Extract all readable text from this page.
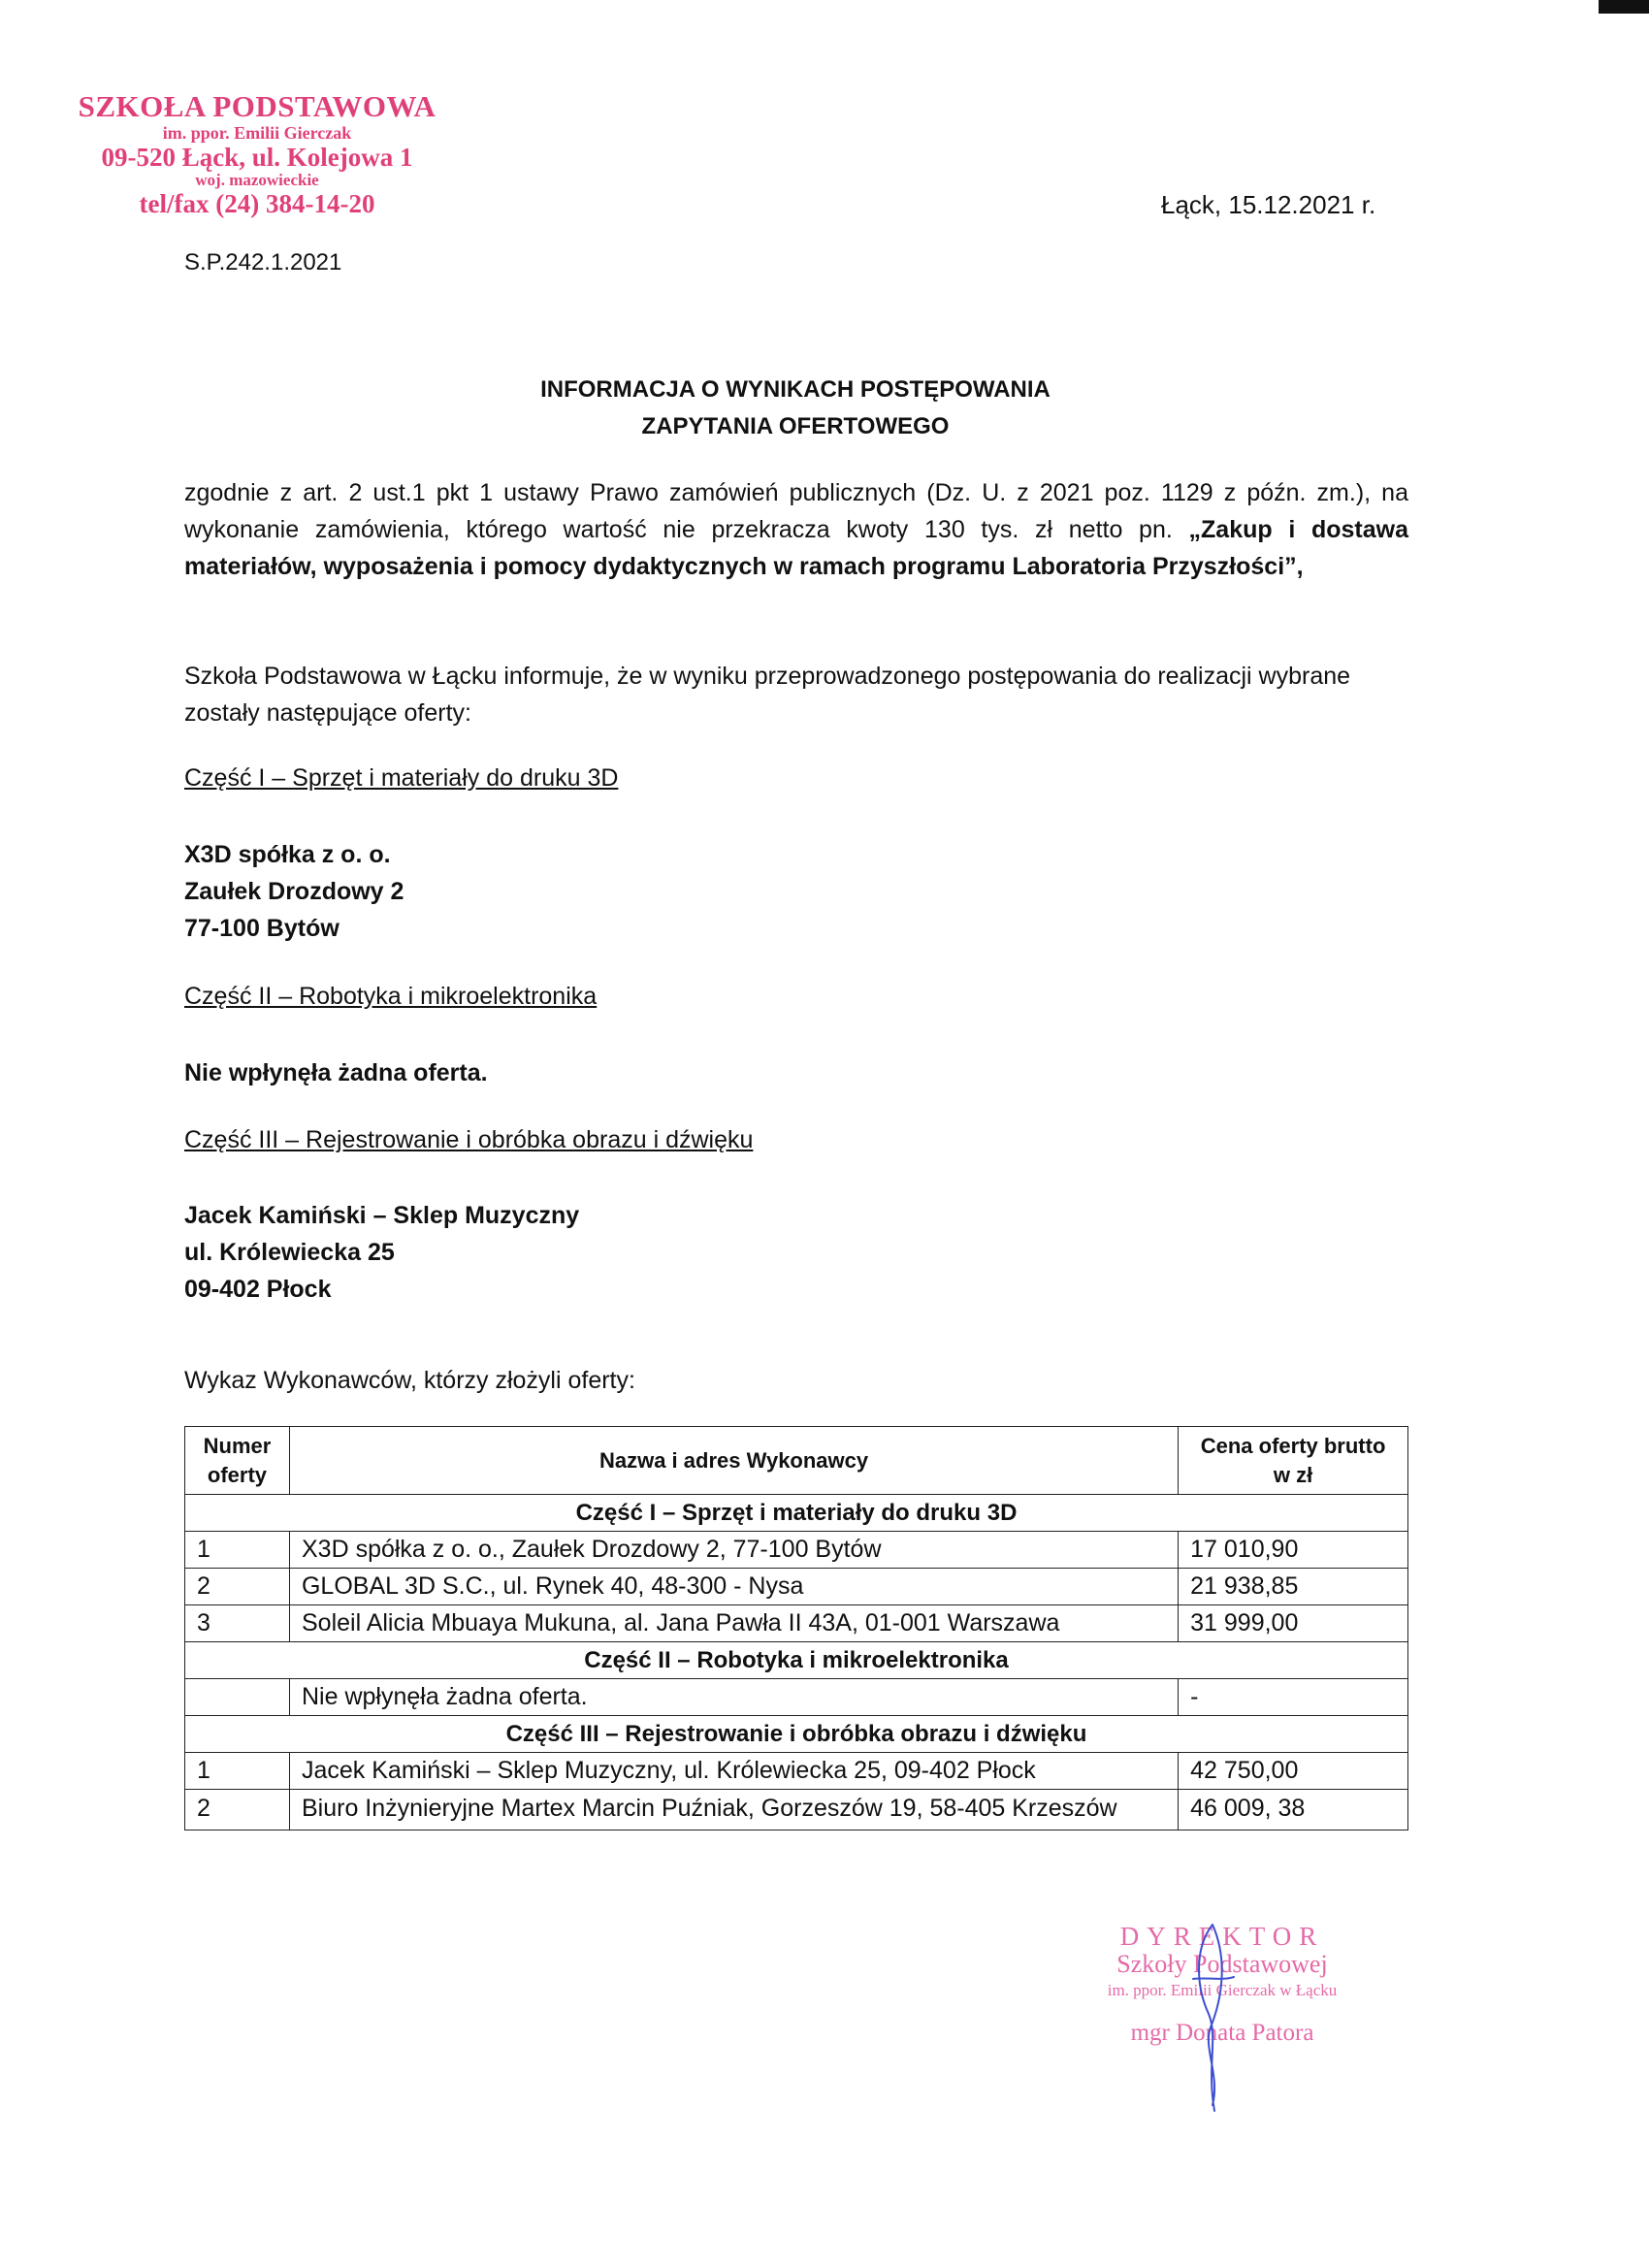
SZKOŁA PODSTAWOWA
im. ppor. Emilii Gierczak
09-520 Łąck, ul. Kolejowa 1
woj. mazowieckie
tel/fax (24) 384-14-20
S.P.242.1.2021
Łąck, 15.12.2021 r.
INFORMACJA O WYNIKACH POSTĘPOWANIA
ZAPYTANIA OFERTOWEGO
zgodnie z art. 2 ust.1 pkt 1 ustawy Prawo zamówień publicznych (Dz. U. z 2021 poz. 1129 z późn. zm.), na wykonanie zamówienia, którego wartość nie przekracza kwoty 130 tys. zł netto pn. „Zakup i dostawa materiałów, wyposażenia i pomocy dydaktycznych w ramach programu Laboratoria Przyszłości”,
Szkoła Podstawowa w Łącku informuje, że w wyniku przeprowadzonego postępowania do realizacji wybrane zostały następujące oferty:
Część I – Sprzęt i materiały do druku 3D
X3D spółka z o. o.
Zaułek Drozdowy 2
77-100 Bytów
Część II – Robotyka i mikroelektronika
Nie wpłynęła żadna oferta.
Część III – Rejestrowanie i obróbka obrazu i dźwięku
Jacek Kamiński – Sklep Muzyczny
ul. Królewiecka 25
09-402 Płock
Wykaz Wykonawców, którzy złożyli oferty:
Numer oferty	Nazwa i adres Wykonawcy	Cena oferty brutto w zł
Część I – Sprzęt i materiały do druku 3D		
1	X3D spółka z o. o., Zaułek Drozdowy 2, 77-100 Bytów	17 010,90
2	GLOBAL 3D S.C., ul. Rynek 40, 48-300 - Nysa	21 938,85
3	Soleil Alicia Mbuaya Mukuna, al. Jana Pawła II 43A, 01-001 Warszawa	31 999,00
Część II – Robotyka i mikroelektronika		
	Nie wpłynęła żadna oferta.	-
Część III – Rejestrowanie i obróbka obrazu i dźwięku		
1	Jacek Kamiński – Sklep Muzyczny, ul. Królewiecka 25, 09-402 Płock	42 750,00
2	Biuro Inżynieryjne Martex Marcin Puźniak, Gorzeszów 19, 58-405 Krzeszów	46 009, 38
DYREKTOR
Szkoły Podstawowej
im. ppor. Emilii Gierczak w Łącku
mgr Donata Patora
